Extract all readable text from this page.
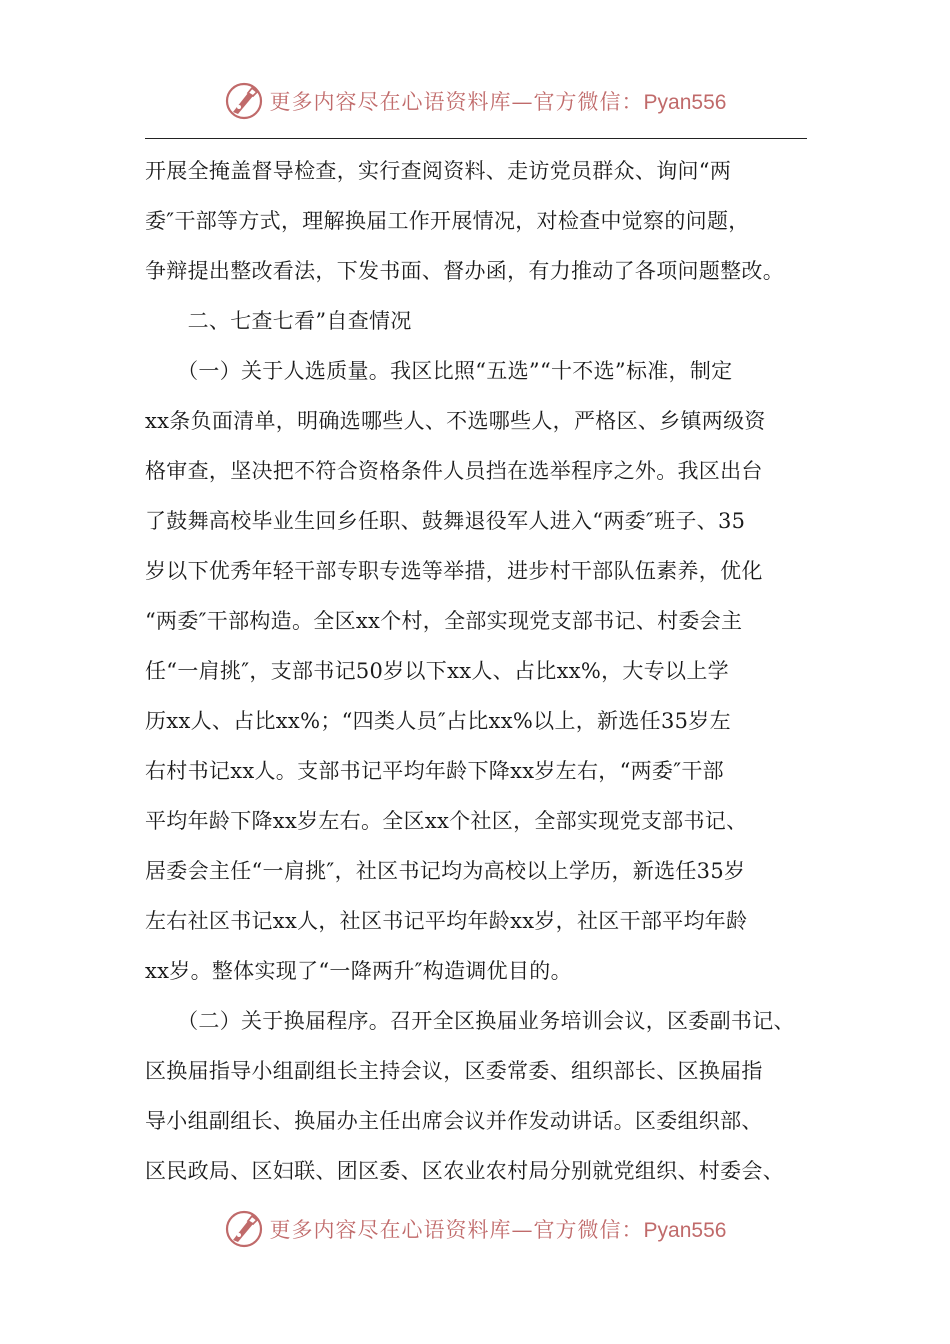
更多内容尽在心语资料库—官方微信：Pyan556
开展全掩盖督导检查，实行查阅资料、走访党员群众、询问“两
委″干部等方式，理解换届工作开展情况，对检查中觉察的问题，
争辩提出整改看法，下发书面、督办函，有力推动了各项问题整改。
　　二、七查七看”自查情况
　　（一）关于人选质量。我区比照“五选”“十不选”标准，制定
xx条负面清单，明确选哪些人、不选哪些人，严格区、乡镇两级资
格审查，坚决把不符合资格条件人员挡在选举程序之外。我区出台
了鼓舞高校毕业生回乡任职、鼓舞退役军人进入“两委″班子、35
岁以下优秀年轻干部专职专选等举措，进步村干部队伍素养，优化
“两委″干部构造。全区xx个村，全部实现党支部书记、村委会主
任“一肩挑″，支部书记50岁以下xx人、占比xx%，大专以上学
历xx人、占比xx%；“四类人员″占比xx%以上，新选任35岁左
右村书记xx人。支部书记平均年龄下降xx岁左右，“两委″干部
平均年龄下降xx岁左右。全区xx个社区，全部实现党支部书记、
居委会主任“一肩挑″，社区书记均为高校以上学历，新选任35岁
左右社区书记xx人，社区书记平均年龄xx岁，社区干部平均年龄
xx岁。整体实现了“一降两升″构造调优目的。
　　（二）关于换届程序。召开全区换届业务培训会议，区委副书记、
区换届指导小组副组长主持会议，区委常委、组织部长、区换届指
导小组副组长、换届办主任出席会议并作发动讲话。区委组织部、
区民政局、区妇联、团区委、区农业农村局分别就党组织、村委会、
更多内容尽在心语资料库—官方微信：Pyan556
